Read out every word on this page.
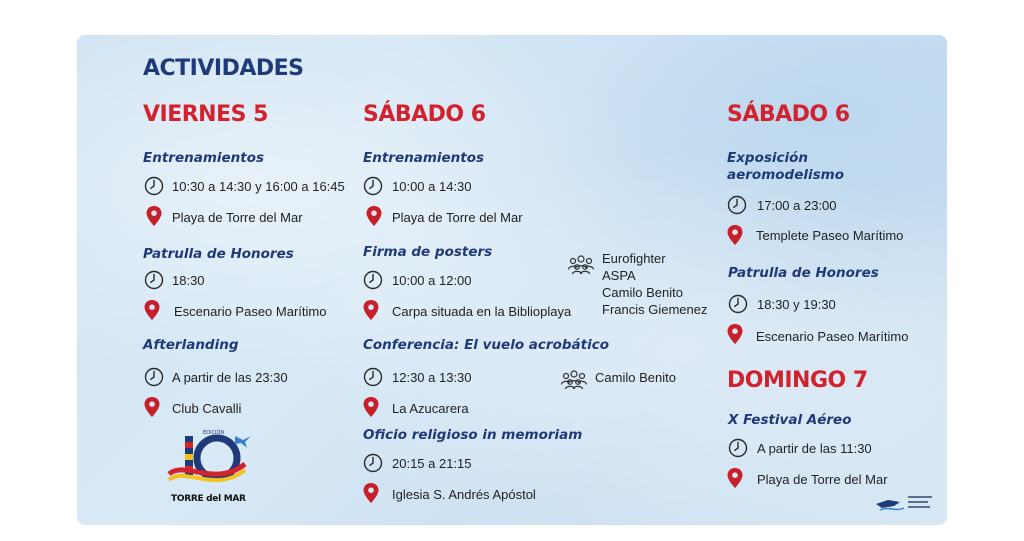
ACTIVIDADES
VIERNES 5
Entrenamientos
10:30 a 14:30 y 16:00 a 16:45
Playa de Torre del Mar
Patrulla de Honores
18:30
Escenario Paseo Marítimo
Afterlanding
A partir de las 23:30
Club Cavalli
EDICIÓN
TORRE del MAR
SÁBADO 6
Entrenamientos
10:00 a 14:30
Playa de Torre del Mar
Firma de posters
10:00 a 12:00
Carpa situada en la Biblioplaya
Eurofighter
ASPA
Camilo Benito
Francis Giemenez
Conferencia: El vuelo acrobático
12:30 a 13:30	Camilo Benito
La Azucarera
Oficio religioso in memoriam
20:15 a 21:15
Iglesia S. Andrés Apóstol
SÁBADO 6
Exposición
aeromodelismo
17:00 a 23:00
Templete Paseo Marítimo
Patrulla de Honores
18:30 y 19:30
Escenario Paseo Marítimo
DOMINGO 7
X Festival Aéreo
A partir de las 11:30
Playa de Torre del Mar
